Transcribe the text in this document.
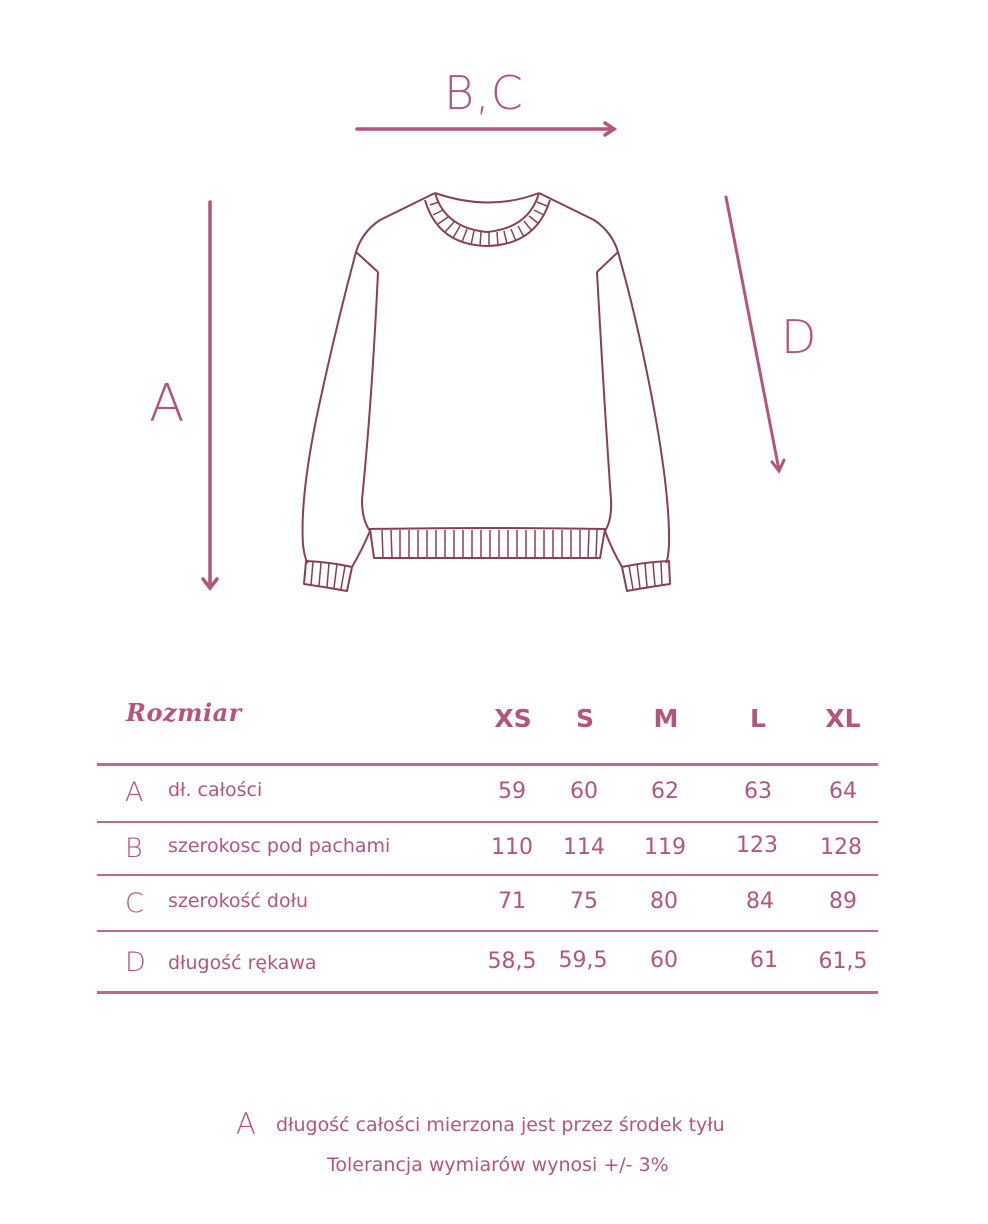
B,C
A
D
Rozmiar	XS S M	L XL
A dł. całości	59 60 62	63	64
B szerokosc pod pachami	110 114 119 123 128
C szerokość dołu	71 75 80	84	89
D długość rękawa	58,5 59,5 60	61 61,5
A długość całości mierzona jest przez środek tyłu
Tolerancja wymiarów wynosi +/- 3%
